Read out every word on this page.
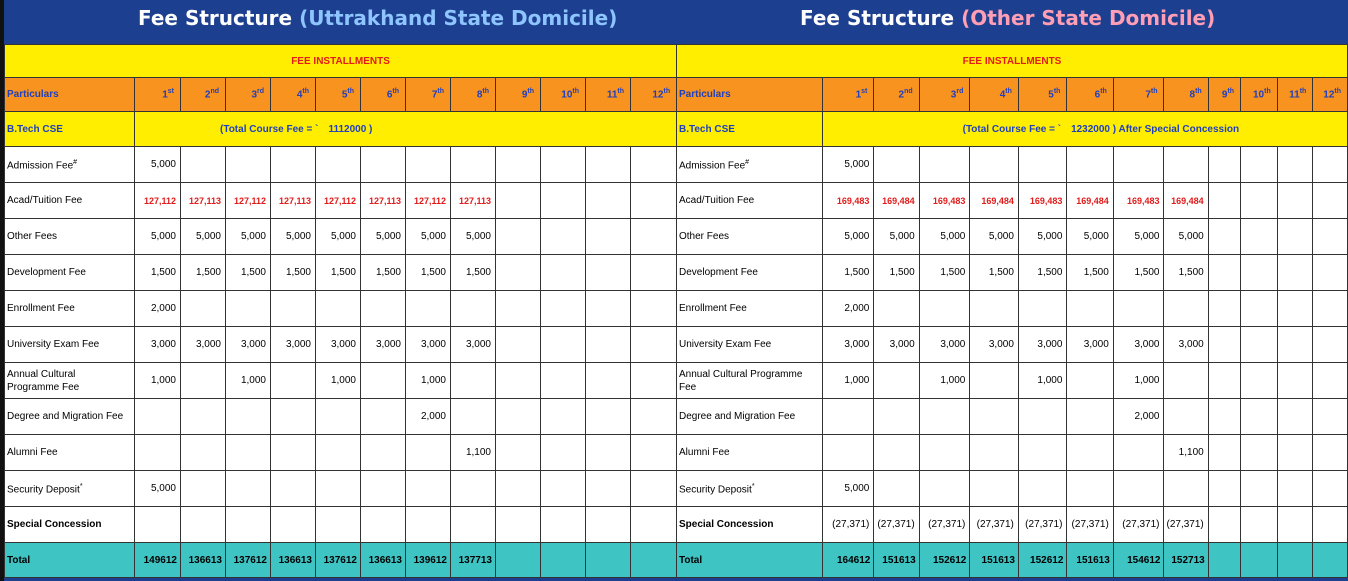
Fee Structure (Uttrakhand State Domicile)	Fee Structure (Other State Domicile)
FEE INSTALLMENTS												
Particulars	1st	2nd	3rd	4th	5th	6th	7th	8th	9th	10th	11th	12th
B.Tech CSE	(Total Course Fee = ` 1112000 )											
Admission Fee#	5,000											
Acad/Tuition Fee	127,112	127,113	127,112	127,113	127,112	127,113	127,112	127,113				
Other Fees	5,000	5,000	5,000	5,000	5,000	5,000	5,000	5,000				
Development Fee	1,500	1,500	1,500	1,500	1,500	1,500	1,500	1,500				
Enrollment Fee	2,000											
University Exam Fee	3,000	3,000	3,000	3,000	3,000	3,000	3,000	3,000				
Annual Cultural Programme Fee	1,000		1,000		1,000		1,000					
Degree and Migration Fee							2,000					
Alumni Fee								1,100				
Security Deposit*	5,000											
Special Concession												
Total	149612	136613	137612	136613	137612	136613	139612	137713				
FEE INSTALLMENTS												
Particulars	1st	2nd	3rd	4th	5th	6th	7th	8th	9th	10th	11th	12th
B.Tech CSE	(Total Course Fee = ` 1232000 ) After Special Concession											
Admission Fee#	5,000											
Acad/Tuition Fee	169,483	169,484	169,483	169,484	169,483	169,484	169,483	169,484				
Other Fees	5,000	5,000	5,000	5,000	5,000	5,000	5,000	5,000				
Development Fee	1,500	1,500	1,500	1,500	1,500	1,500	1,500	1,500				
Enrollment Fee	2,000											
University Exam Fee	3,000	3,000	3,000	3,000	3,000	3,000	3,000	3,000				
Annual Cultural Programme Fee	1,000		1,000		1,000		1,000					
Degree and Migration Fee							2,000					
Alumni Fee								1,100				
Security Deposit*	5,000											
Special Concession	(27,371)	(27,371)	(27,371)	(27,371)	(27,371)	(27,371)	(27,371)	(27,371)				
Total	164612	151613	152612	151613	152612	151613	154612	152713				
